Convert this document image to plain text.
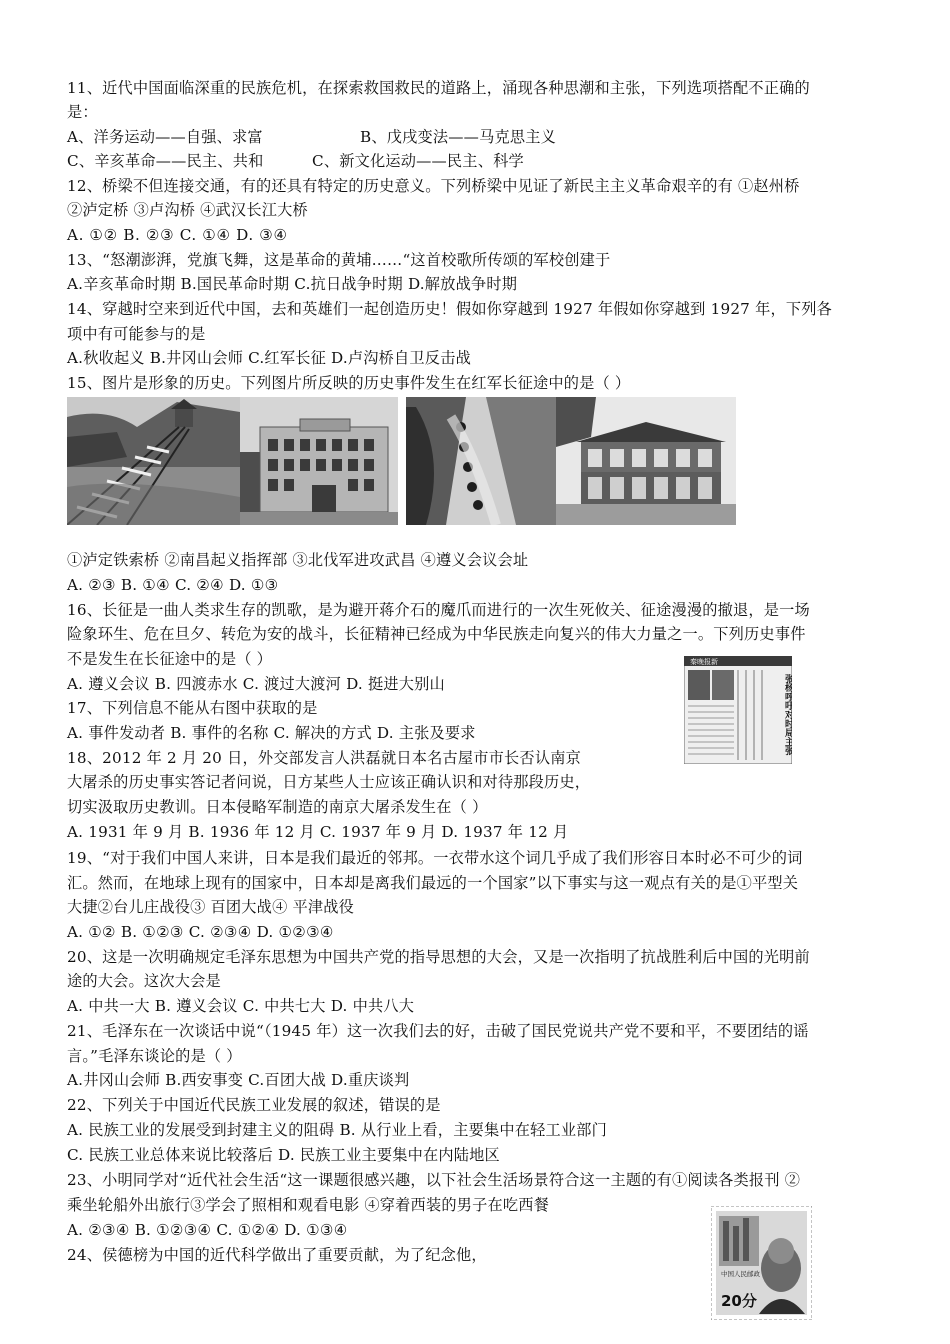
11、近代中国面临深重的民族危机，在探索救国救民的道路上，涌现各种思潮和主张，下列选项搭配不正确的
是：
A、洋务运动——自强、求富	B、戊戌变法——马克思主义
C、辛亥革命——民主、共和	C、新文化运动——民主、科学
12、桥梁不但连接交通，有的还具有特定的历史意义。下列桥梁中见证了新民主主义革命艰辛的有 ①赵州桥
②泸定桥 ③卢沟桥 ④武汉长江大桥
A. ①② B. ②③ C. ①④ D. ③④
13、“怒潮澎湃，党旗飞舞，这是革命的黄埔……“这首校歌所传颂的军校创建于
A.辛亥革命时期 B.国民革命时期 C.抗日战争时期 D.解放战争时期
14、穿越时空来到近代中国，去和英雄们一起创造历史！假如你穿越到 1927 年假如你穿越到 1927 年，下列各
项中有可能参与的是
A.秋收起义 B.井冈山会师 C.红军长征 D.卢沟桥自卫反击战
15、图片是形象的历史。下列图片所反映的历史事件发生在红军长征途中的是（ ）
①泸定铁索桥 ②南昌起义指挥部 ③北伐军进攻武昌 ④遵义会议会址
A. ②③ B. ①④ C. ②④ D. ①③
16、长征是一曲人类求生存的凯歌，是为避开蒋介石的魔爪而进行的一次生死攸关、征途漫漫的撤退，是一场
险象环生、危在旦夕、转危为安的战斗，长征精神已经成为中华民族走向复兴的伟大力量之一。下列历史事件
不是发生在长征途中的是（ ）
A. 遵义会议 B. 四渡赤水 C. 渡过大渡河 D. 挺进大别山
秦晚报新
张杨呼吁对时局主张
17、下列信息不能从右图中获取的是
A. 事件发动者 B. 事件的名称 C. 解决的方式 D. 主张及要求
18、2012 年 2 月 20 日，外交部发言人洪磊就日本名古屋市市长否认南京
大屠杀的历史事实答记者问说，日方某些人士应该正确认识和对待那段历史，
切实汲取历史教训。日本侵略军制造的南京大屠杀发生在（ ）
A. 1931 年 9 月 B. 1936 年 12 月 C. 1937 年 9 月 D. 1937 年 12 月
19、“对于我们中国人来讲，日本是我们最近的邻邦。一衣带水这个词几乎成了我们形容日本时必不可少的词
汇。然而，在地球上现有的国家中，日本却是离我们最远的一个国家”以下事实与这一观点有关的是①平型关
大捷②台儿庄战役③ 百团大战④ 平津战役
A. ①② B. ①②③ C. ②③④ D. ①②③④
20、这是一次明确规定毛泽东思想为中国共产党的指导思想的大会，又是一次指明了抗战胜利后中国的光明前
途的大会。这次大会是
A. 中共一大 B. 遵义会议 C. 中共七大 D. 中共八大
21、毛泽东在一次谈话中说“（1945 年）这一次我们去的好，击破了国民党说共产党不要和平，不要团结的谣
言。”毛泽东谈论的是（ ）
A.井冈山会师 B.西安事变 C.百团大战 D.重庆谈判
22、下列关于中国近代民族工业发展的叙述，错误的是
A. 民族工业的发展受到封建主义的阻碍 B. 从行业上看，主要集中在轻工业部门
C. 民族工业总体来说比较落后 D. 民族工业主要集中在内陆地区
23、小明同学对“近代社会生活“这一课题很感兴趣，以下社会生活场景符合这一主题的有①阅读各类报刊 ②
乘坐轮船外出旅行③学会了照相和观看电影 ④穿着西装的男子在吃西餐
A. ②③④ B. ①②③④ C. ①②④ D. ①③④
24、侯德榜为中国的近代科学做出了重要贡献，为了纪念他，
中国人民邮政
20分
